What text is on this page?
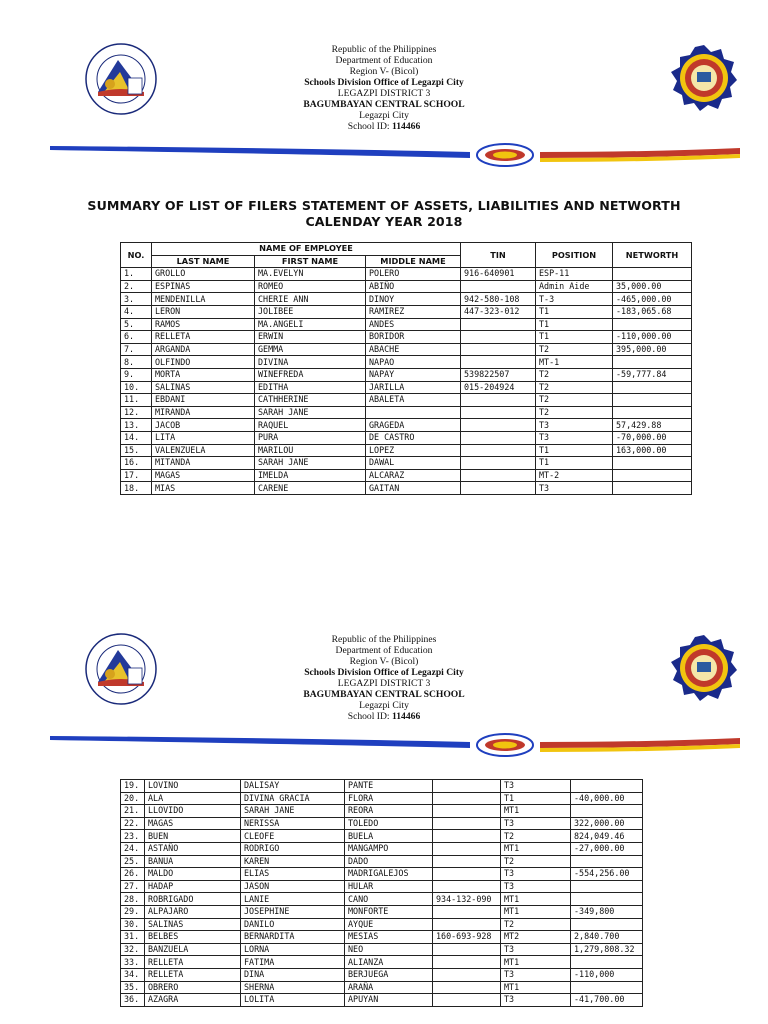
Republic of the Philippines
Department of Education
Region V- (Bicol)
Schools Division Office of Legazpi City
LEGAZPI DISTRICT 3
BAGUMBAYAN CENTRAL SCHOOL
Legazpi City
School ID: 114466
SUMMARY OF LIST OF FILERS STATEMENT OF ASSETS, LIABILITIES AND NETWORTH
CALENDAY YEAR 2018
NO.	NAME OF EMPLOYEE			TIN	POSITION	NETWORTH
	LAST NAME	FIRST NAME	MIDDLE NAME			
1.	GROLLO	MA.EVELYN	POLERO	916-640901	ESP-11	
2.	ESPINAS	ROMEO	ABIÑO		Admin Aide	35,000.00
3.	MENDENILLA	CHERIE ANN	DINOY	942-580-108	T-3	-465,000.00
4.	LERON	JOLIBEE	RAMIREZ	447-323-012	T1	-183,065.68
5.	RAMOS	MA.ANGELI	ANDES		T1	
6.	RELLETA	ERWIN	BORIDOR		T1	-110,000.00
7.	ARGANDA	GEMMA	ABACHE		T2	395,000.00
8.	OLFINDO	DIVINA	NAPAO		MT-1	
9.	MORTA	WINEFREDA	NAPAY	539822507	T2	-59,777.84
10.	SALINAS	EDITHA	JARILLA	015-204924	T2	
11.	EBDANI	CATHHERINE	ABALETA		T2	
12.	MIRANDA	SARAH JANE			T2	
13.	JACOB	RAQUEL	GRAGEDA		T3	57,429.88
14.	LITA	PURA	DE CASTRO		T3	-70,000.00
15.	VALENZUELA	MARILOU	LOPEZ		T1	163,000.00
16.	MITANDA	SARAH JANE	DAWAL		T1	
17.	MAGAS	IMELDA	ALCARAZ		MT-2	
18.	MIAS	CARENE	GAITAN		T3	
Republic of the Philippines
Department of Education
Region V- (Bicol)
Schools Division Office of Legazpi City
LEGAZPI DISTRICT 3
BAGUMBAYAN CENTRAL SCHOOL
Legazpi City
School ID: 114466
19.	LOVINO	DALISAY	PANTE		T3	
20.	ALA	DIVINA GRACIA	FLORA		T1	-40,000.00
21.	LLOVIDO	SARAH JANE	REORA		MT1	
22.	MAGAS	NERISSA	TOLEDO		T3	322,000.00
23.	BUEN	CLEOFE	BUELA		T2	824,049.46
24.	ASTAÑO	RODRIGO	MANGAMPO		MT1	-27,000.00
25.	BANUA	KAREN	DADO		T2	
26.	MALDO	ELIAS	MADRIGALEJOS		T3	-554,256.00
27.	HADAP	JASON	HULAR		T3	
28.	ROBRIGADO	LANIE	CANO	934-132-090	MT1	
29.	ALPAJARO	JOSEPHINE	MONFORTE		MT1	-349,800
30.	SALINAS	DANILO	AYQUE		T2	
31.	BELBES	BERNARDITA	MESIAS	160-693-928	MT2	2,840.700
32.	BANZUELA	LORNA	NEO		T3	1,279,808.32
33.	RELLETA	FATIMA	ALIANZA		MT1	
34.	RELLETA	DINA	BERJUEGA		T3	-110,000
35.	OBRERO	SHERNA	ARAÑA		MT1	
36.	AZAGRA	LOLITA	APUYAN		T3	-41,700.00
